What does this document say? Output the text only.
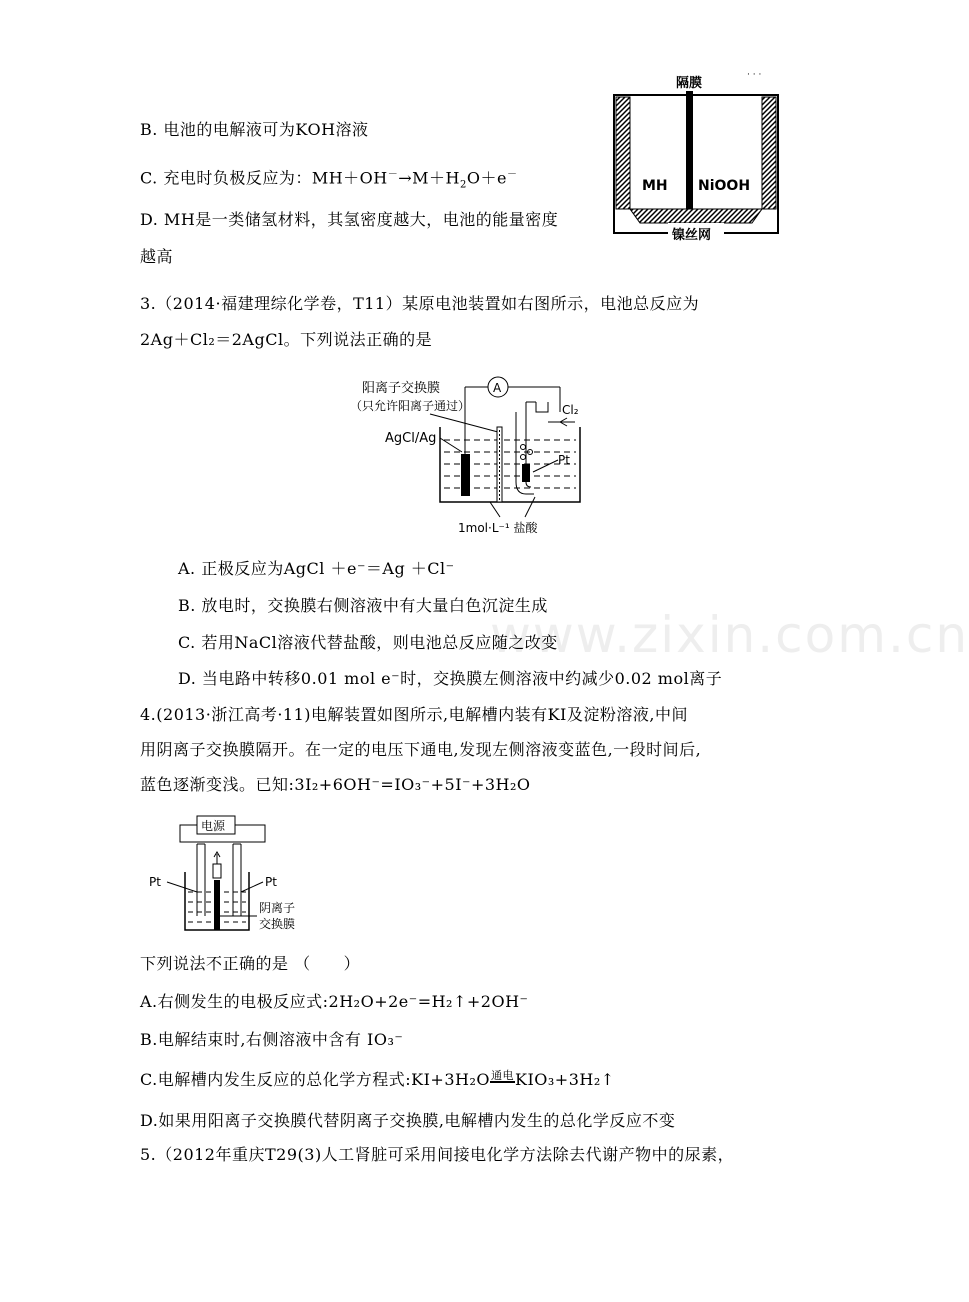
www.zixin.com.cn
B. 电池的电解液可为KOH溶液
C. 充电时负极反应为：$MH+OH^-\to M+H_2O+e^-$
D. MH是一类储氢材料，其氢密度越大，电池的能量密度
越高
隔膜
· · ·
MH NiOOH
镍丝网
3.（2014·福建理综化学卷，T11）某原电池装置如右图所示，电池总反应为
2Ag＋Cl₂＝2AgCl。下列说法正确的是
阳离子交换膜
（只允许阳离子通过）
A
AgCl/Ag
Cl₂
Pt
1mol·L⁻¹ 盐酸
A. 正极反应为AgCl ＋e⁻＝Ag ＋Cl⁻
B. 放电时，交换膜右侧溶液中有大量白色沉淀生成
C. 若用NaCl溶液代替盐酸，则电池总反应随之改变
D. 当电路中转移0.01 mol e⁻时，交换膜左侧溶液中约减少0.02 mol离子
4.(2013·浙江高考·11)电解装置如图所示,电解槽内装有KI及淀粉溶液,中间
用阴离子交换膜隔开。在一定的电压下通电,发现左侧溶液变蓝色,一段时间后,
蓝色逐渐变浅。已知:3I₂+6OH⁻=IO₃⁻+5I⁻+3H₂O
电源
Pt	Pt
阴离子
交换膜
下列说法不正确的是 （　　）
A.右侧发生的电极反应式:2H₂O+2e⁻=H₂↑+2OH⁻
B.电解结束时,右侧溶液中含有 IO₃⁻
C.电解槽内发生反应的总化学方程式:KI+3H₂O通电KIO₃+3H₂↑
D.如果用阳离子交换膜代替阴离子交换膜,电解槽内发生的总化学反应不变
5.（2012年重庆T29(3)人工肾脏可采用间接电化学方法除去代谢产物中的尿素，
